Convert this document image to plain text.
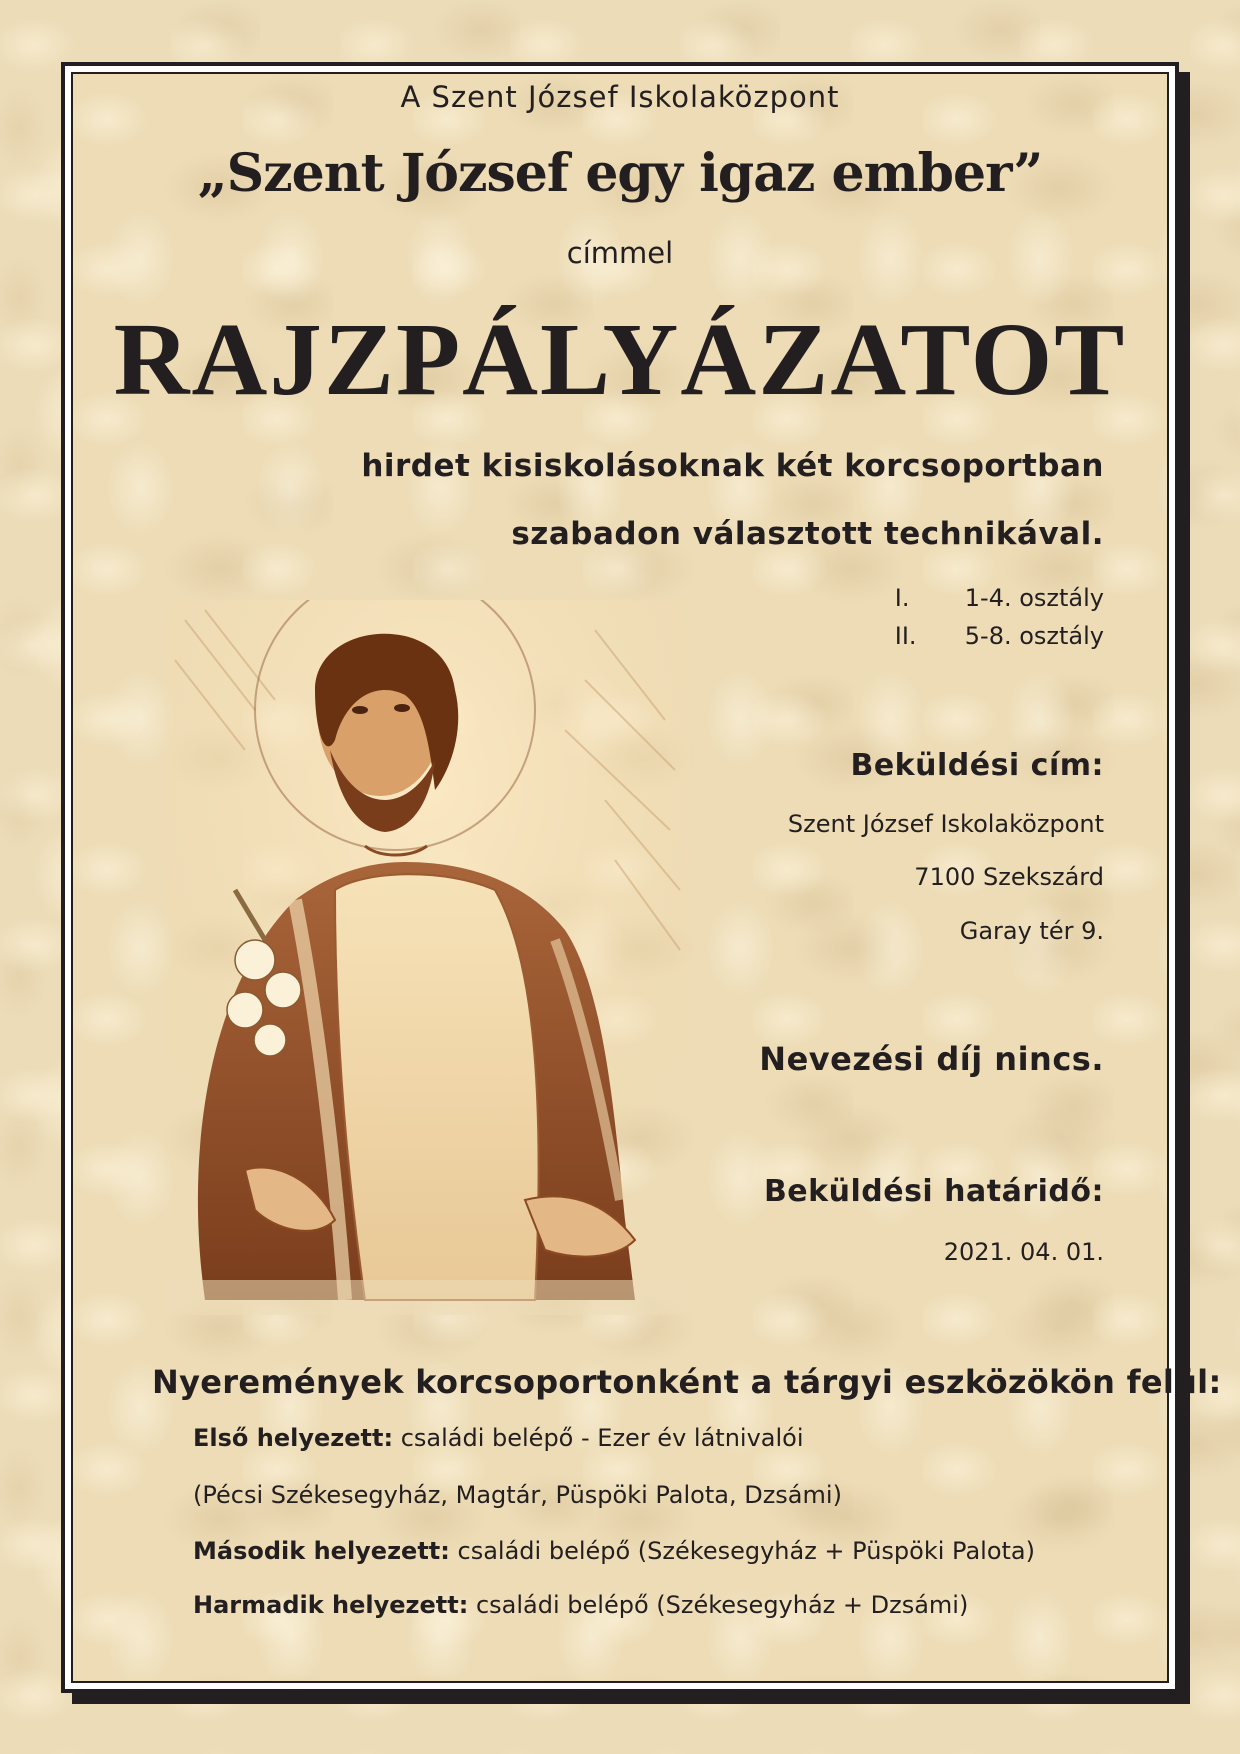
A Szent József Iskolaközpont
„Szent József egy igaz ember”
címmel
RAJZPÁLYÁZATOT
hirdet kisiskolásoknak két korcsoportban
szabadon választott technikával.
I. 1-4. osztály
II. 5-8. osztály
Beküldési cím:
Szent József Iskolaközpont
7100 Szekszárd
Garay tér 9.
Nevezési díj nincs.
Beküldési határidő:
2021. 04. 01.
Nyeremények korcsoportonként a tárgyi eszközökön felül:
Első helyezett: családi belépő - Ezer év látnivalói
(Pécsi Székesegyház, Magtár, Püspöki Palota, Dzsámi)
Második helyezett: családi belépő (Székesegyház + Püspöki Palota)
Harmadik helyezett: családi belépő (Székesegyház + Dzsámi)
